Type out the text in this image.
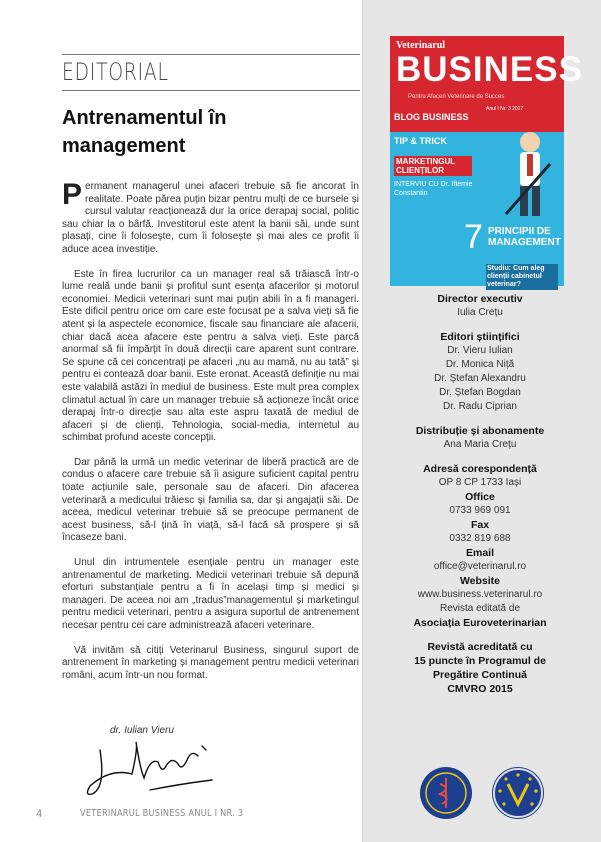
EDITORIAL
Antrenamentul în management

Permanent managerul unei afaceri trebuie să fie ancorat în realitate. Poate părea puțin bizar pentru mulți de ce bursele și cursul valutar reacționează dur la orice derapaj social, politic sau chiar la o bârfă. Investitorul este atent la banii săi, unde sunt plasați, cine îi folosește, cum îi folosește și mai ales ce profit îi aduce acea investiție.

Este în firea lucrurilor ca un manager real să trăiască într-o lume reală unde banii și profitul sunt esența afacerilor și motorul economiei. Medicii veterinari sunt mai puțin abili în a fi manageri. Este dificil pentru orice om care este focusat pe a salva vieți să fie atent și la aspectele economice, fiscale sau financiare ale afacerii, chiar dacă acea afacere este pentru a salva vieți. Este parcă anormal să fii împărțit în două direcții care aparent sunt contrare. Se spune că cei concentrați pe afaceri „nu au mamă, nu au tată” și pentru ei contează doar banii. Este eronat. Această definiție nu mai este valabilă astăzi în mediul de business. Este mult prea complex climatul actual în care un manager trebuie să acționeze încât orice derapaj într-o direcție sau alta este aspru taxată de mediul de afaceri și de clienți. Tehnologia, social-media, internetul au schimbat profund aceste concepții.

Dar până la urmă un medic veterinar de liberă practică are de condus o afacere care trebuie să îi asigure suficient capital pentru toate acțiunile sale, personale sau de afaceri. Din afacerea veterinară a medicului trăiesc și familia sa, dar și angajații săi. De aceea, medicul veterinar trebuie să se preocupe permanent de acest business, să-l țină în viață, să-l facă să prospere și să încaseze bani.

Unul din intrumentele esențiale pentru un manager este antrenamentul de marketing. Medicii veterinari trebuie să depună eforturi substanțiale pentru a fi în același timp și medici și manageri. De aceea noi am „tradus”managementul și marketingul pentru medicii veterinari, pentru a asigura suportul de antrenement necesar pentru cei care administrează afaceri veterinare.

Vă invităm să citiți Veterinarul Business, singurul suport de antrenement în marketing și management pentru medicii veterinari români, acum într-un nou format.

dr. Iulian Vieru
4	VETERINARUL BUSINESS ANUL I NR. 3
Veterinarul
BUSINESS
Pentru Afaceri Veterinare de Succes
Anul I Nr. 3 2017
BLOG BUSINESS
TIP & TRICK
MARKETINGUL CLIENȚILOR
INTERVIU CU Dr. Iftemie Constantin
7 PRINCIPII DE MANAGEMENT
Studiu: Cum aleg clienții cabinetul veterinar?
Director executiv
Iulia Crețu
Editori științifici
Dr. Vieru Iulian
Dr. Monica Niță
Dr. Ștefan Alexandru
Dr. Ștefan Bogdan
Dr. Radu Ciprian
Distribuție și abonamente
Ana Maria Crețu
Adresă corespondență
OP 8 CP 1733 Iași
Office
0733 969 091
Fax
0332 819 688
Email
office@veterinarul.ro
Website
www.business.veterinarul.ro
Revista editată de
Asociația Euroveterinarian
Revistă acreditată cu
15 puncte în Programul de
Pregătire Continuă
CMVRO 2015
